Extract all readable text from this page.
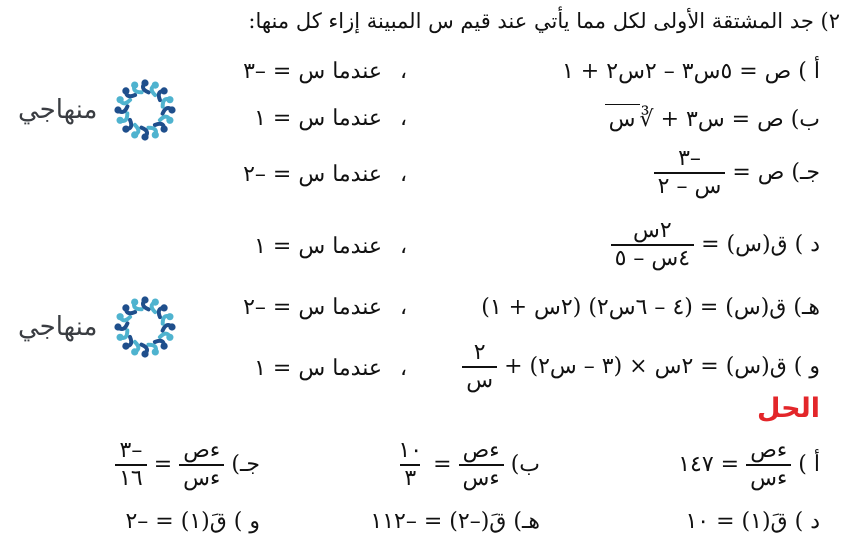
٢) جد المشتقة الأولى لكل مما يأتي عند قيم س المبينة إزاء كل منها:
أ ) ص = ٥س٣ – ٢س٢ + ١
ب) ص = س٣ + ∛س
جـ) ص =
$\frac{-٣}{\text{س – ٢}}$
د ) ق(س) =
$\frac{\text{٢س}}{\text{٤س – ٥}}$
هـ) ق(س) = (٤ – ٦س٢) (٢س + ١)
و ) ق(س) = ٢س × (٣ – س٢) +
$\frac{٢}{\text{س}}$
،
،
،
،
،
،
عندما س = –٣
عندما س = ١
عندما س = –٢
عندما س = ١
عندما س = –٢
عندما س = ١
منهاجي
منهاجي
الحل
أ )
$\frac{\text{ءص}}{\text{ءس}}$
= ١٤٧
ب)
$\frac{\text{ءص}}{\text{ءس}}$
=
$\frac{١٠}{٣}$
جـ)
$\frac{\text{ءص}}{\text{ءس}}$
=
$\frac{-٣}{١٦}$
د ) قَ(١) = ١٠
هـ) قَ(–٢) = –١١٢
و ) قَ(١) = –٢
